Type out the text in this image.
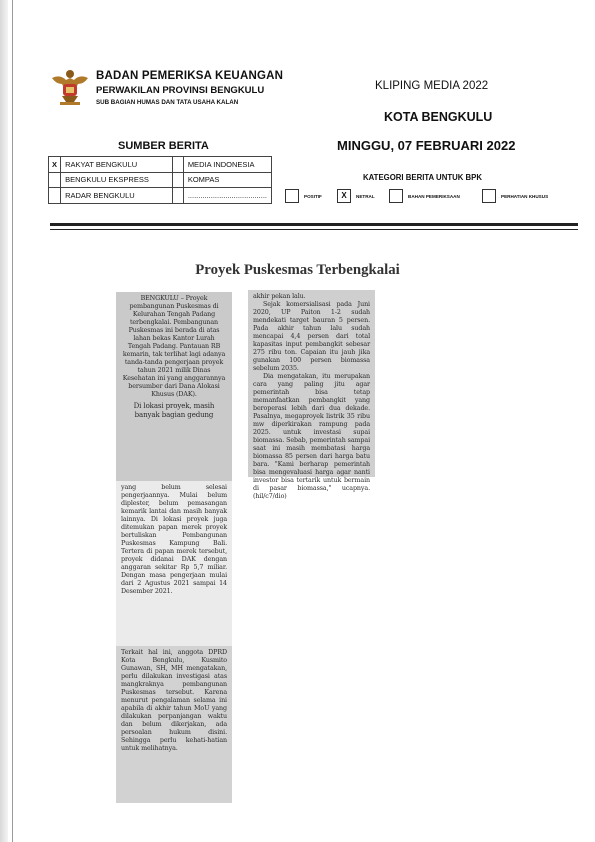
BADAN PEMERIKSA KEUANGAN
PERWAKILAN PROVINSI BENGKULU
SUB BAGIAN HUMAS DAN TATA USAHA KALAN
KLIPING MEDIA 2022
KOTA BENGKULU
SUMBER BERITA	MINGGU, 07 FEBRUARI 2022
X	RAKYAT BENGKULU		MEDIA INDONESIA
	BENGKULU EKSPRESS		KOMPAS
	RADAR BENGKULU		......................................
KATEGORI BERITA UNTUK BPK
POSITIF	X	NETRAL	BAHAN PEMERIKSAAN	PERHATIAN KHUSUS
Proyek Puskesmas Terbengkalai

BENGKULU – Proyek pembangunan Puskesmas di Kelurahan Tengah Padang terbengkalai. Pembangunan Puskesmas ini berada di atas lahan bekas Kantor Lurah Tengah Padang. Pantauan RB kemarin, tak terlihat lagi adanya tanda-tanda pengerjaan proyek tahun 2021 milik Dinas Kesehatan ini yang anggarannya bersumber dari Dana Alokasi Khusus (DAK).

Di lokasi proyek, masih banyak bagian gedung

akhir pekan lalu.

Sejak komersialisasi pada Juni 2020, UP Paiton 1-2 sudah mendekati target bauran 5 persen. Pada akhir tahun lalu sudah mencapai 4,4 persen dari total kapasitas input pembangkit sebesar 275 ribu ton. Capaian itu jauh jika gunakan 100 persen biomassa sebelum 2035.

Dia mengatakan, itu merupakan cara yang paling jitu agar pemerintah bisa tetap memanfaatkan pembangkit yang beroperasi lebih dari dua dekade. Pasalnya, megaproyek listrik 35 ribu mw diperkirakan rampung pada 2025. untuk investasi supai biomassa. Sebab, pemerintah sampai saat ini masih membatasi harga biomassa 85 persen dari harga batu bara. "Kami berharap pemerintah bisa mengevaluasi harga agar nanti investor bisa tertarik untuk bermain di pasar biomassa," ucapnya.(hil/c7/dio)

yang belum selesai pengerjaannya. Mulai belum diplester, belum pemasangan kemarik lantai dan masih banyak lainnya. Di lokasi proyek juga ditemukan papan merek proyek bertuliskan Pembangunan Puskesmas Kampung Bali. Tertera di papan merek tersebut, proyek didanai DAK dengan anggaran sekitar Rp 5,7 miliar. Dengan masa pengerjaan mulai dari 2 Agustus 2021 sampai 14 Desember 2021.

Terkait hal ini, anggota DPRD Kota Bengkulu, Kusmito Gunawan, SH, MH mengatakan, perlu dilakukan investigasi atas mangkraknya pembangunan Puskesmas tersebut. Karena menurut pengalaman selama ini apabila di akhir tahun MoU yang dilakukan perpanjangan waktu dan belum dikerjakan, ada persoalan hukum disini. Sehingga perlu kehati-hatian untuk melihatnya.
